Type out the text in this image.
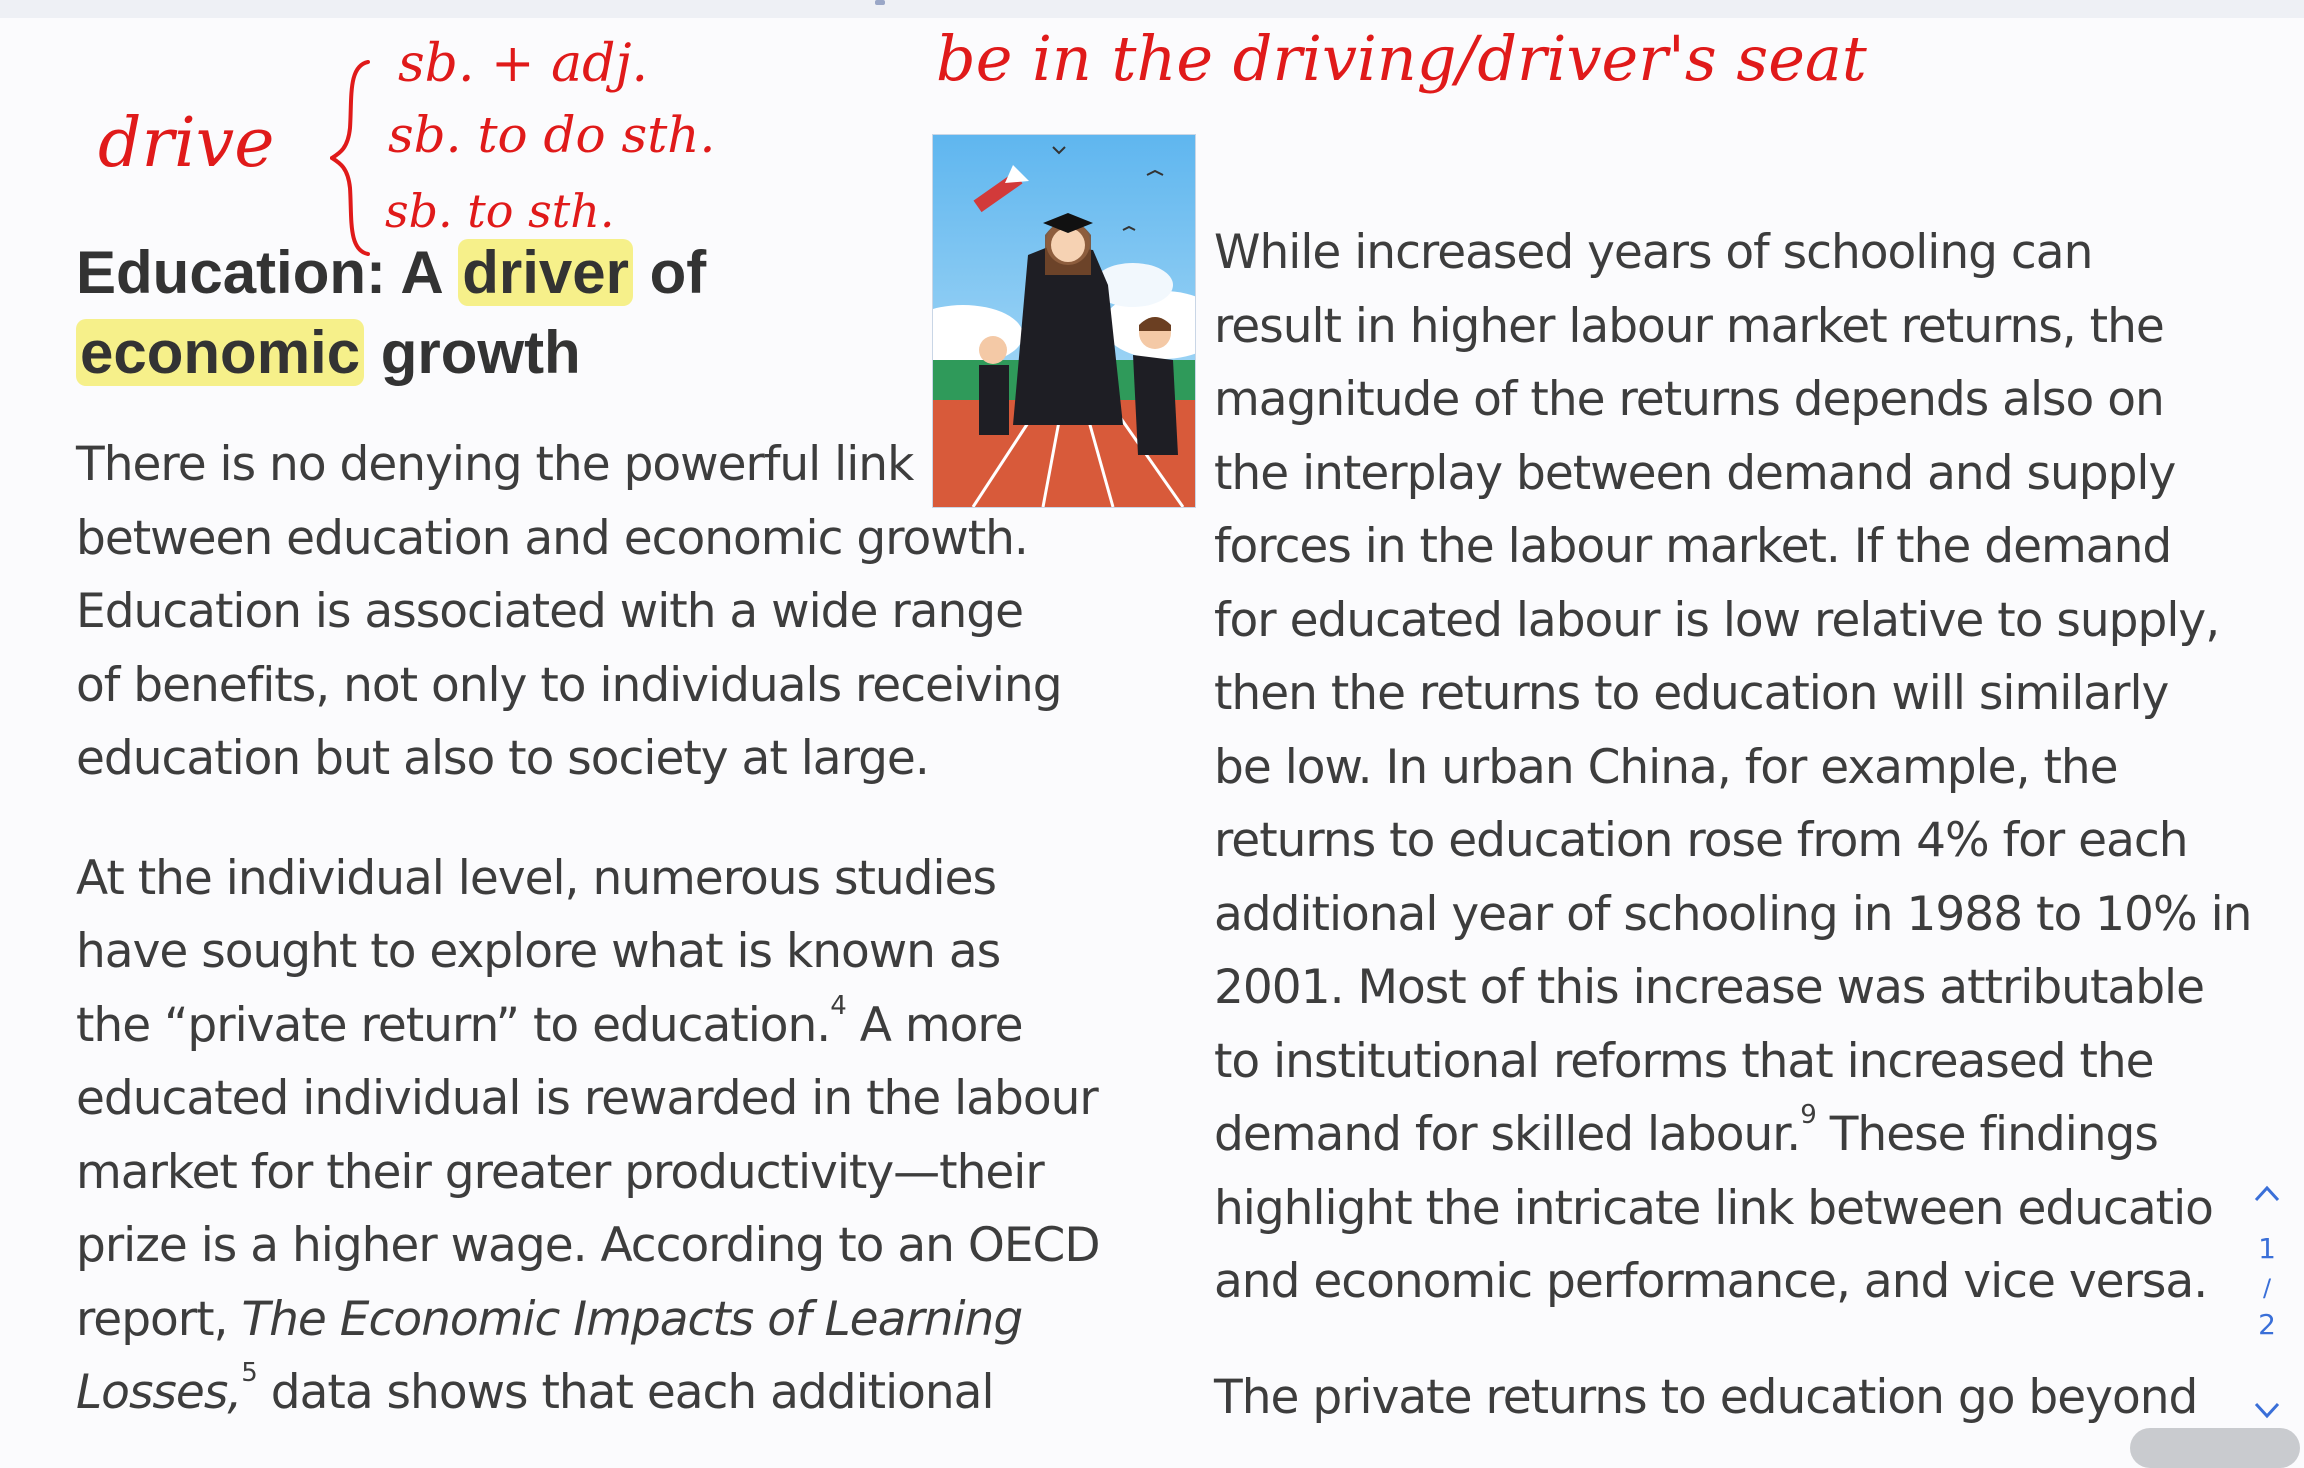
drive
sb. + adj.
sb. to do sth.
sb. to sth.
be in the driving/driver's seat
Education: A driver of
economic growth
There is no denying the powerful link
between education and economic growth.
Education is associated with a wide range
of benefits, not only to individuals receiving
education but also to society at large.
At the individual level, numerous studies
have sought to explore what is known as
the “private return” to education.$^4$ A more
educated individual is rewarded in the labour
market for their greater productivity—their
prize is a higher wage. According to an OECD
report, The Economic Impacts of Learning
Losses,$^5$ data shows that each additional
While increased years of schooling can
result in higher labour market returns, the
magnitude of the returns depends also on
the interplay between demand and supply
forces in the labour market. If the demand
for educated labour is low relative to supply,
then the returns to education will similarly
be low. In urban China, for example, the
returns to education rose from 4% for each
additional year of schooling in 1988 to 10% in
2001. Most of this increase was attributable
to institutional reforms that increased the
demand for skilled labour.$^9$ These findings
highlight the intricate link between educatio
and economic performance, and vice versa.
The private returns to education go beyond
1
/
2
